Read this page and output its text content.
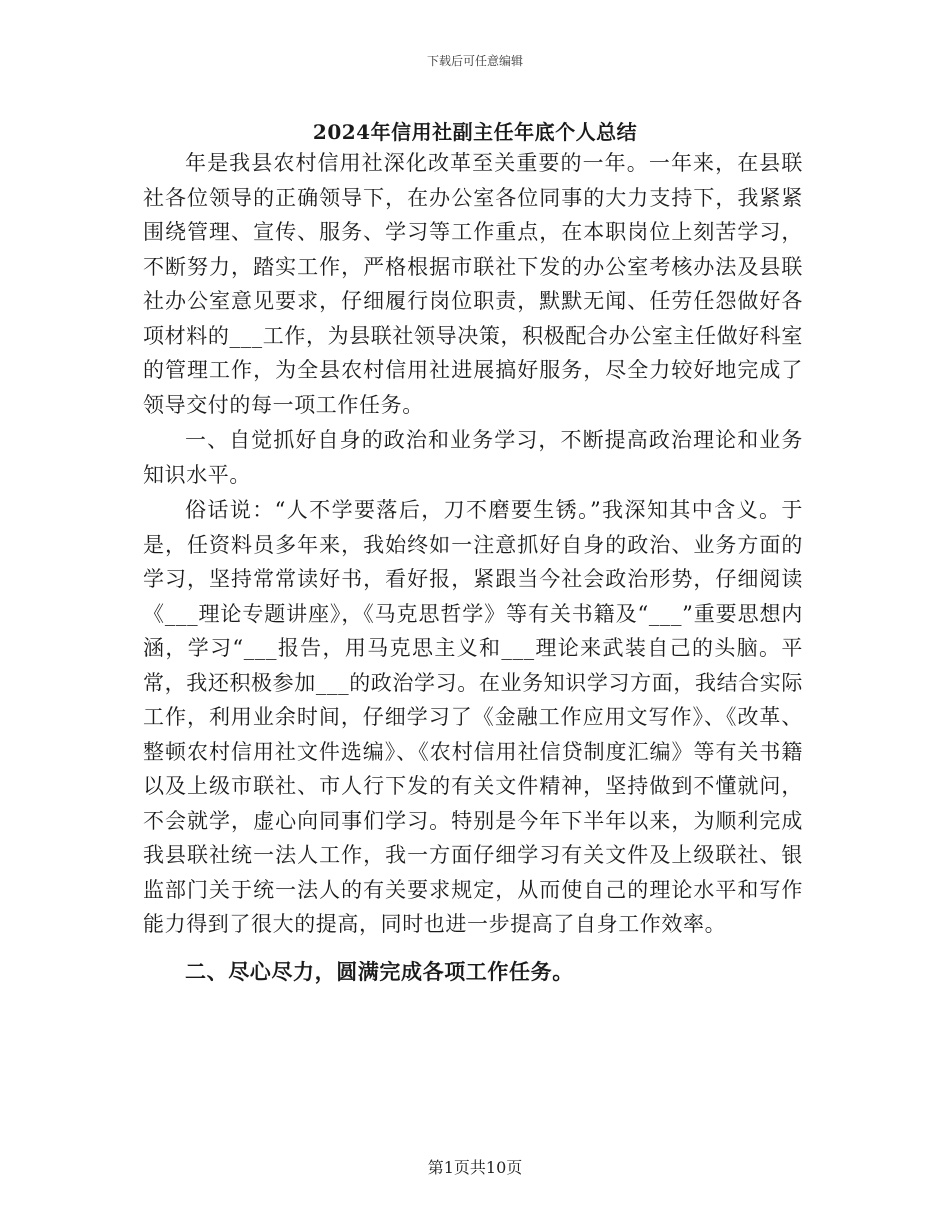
下载后可任意编辑
2024年信用社副主任年底个人总结

年是我县农村信用社深化改革至关重要的一年。一年来，在县联社各位领导的正确领导下，在办公室各位同事的大力支持下，我紧紧围绕管理、宣传、服务、学习等工作重点，在本职岗位上刻苦学习，不断努力，踏实工作，严格根据市联社下发的办公室考核办法及县联社办公室意见要求，仔细履行岗位职责，默默无闻、任劳任怨做好各项材料的___工作，为县联社领导决策，积极配合办公室主任做好科室的管理工作，为全县农村信用社进展搞好服务，尽全力较好地完成了领导交付的每一项工作任务。

一、自觉抓好自身的政治和业务学习，不断提高政治理论和业务知识水平。

俗话说：“人不学要落后，刀不磨要生锈。”我深知其中含义。于是，任资料员多年来，我始终如一注意抓好自身的政治、业务方面的学习，坚持常常读好书，看好报，紧跟当今社会政治形势，仔细阅读《___理论专题讲座》，《马克思哲学》等有关书籍及“___”重要思想内涵，学习“___报告，用马克思主义和___理论来武装自己的头脑。平常，我还积极参加___的政治学习。在业务知识学习方面，我结合实际工作，利用业余时间，仔细学习了《金融工作应用文写作》、《改革、整顿农村信用社文件选编》、《农村信用社信贷制度汇编》等有关书籍以及上级市联社、市人行下发的有关文件精神，坚持做到不懂就问，不会就学，虚心向同事们学习。特别是今年下半年以来，为顺利完成我县联社统一法人工作，我一方面仔细学习有关文件及上级联社、银监部门关于统一法人的有关要求规定，从而使自己的理论水平和写作能力得到了很大的提高，同时也进一步提高了自身工作效率。

二、尽心尽力，圆满完成各项工作任务。

第1页共10页
